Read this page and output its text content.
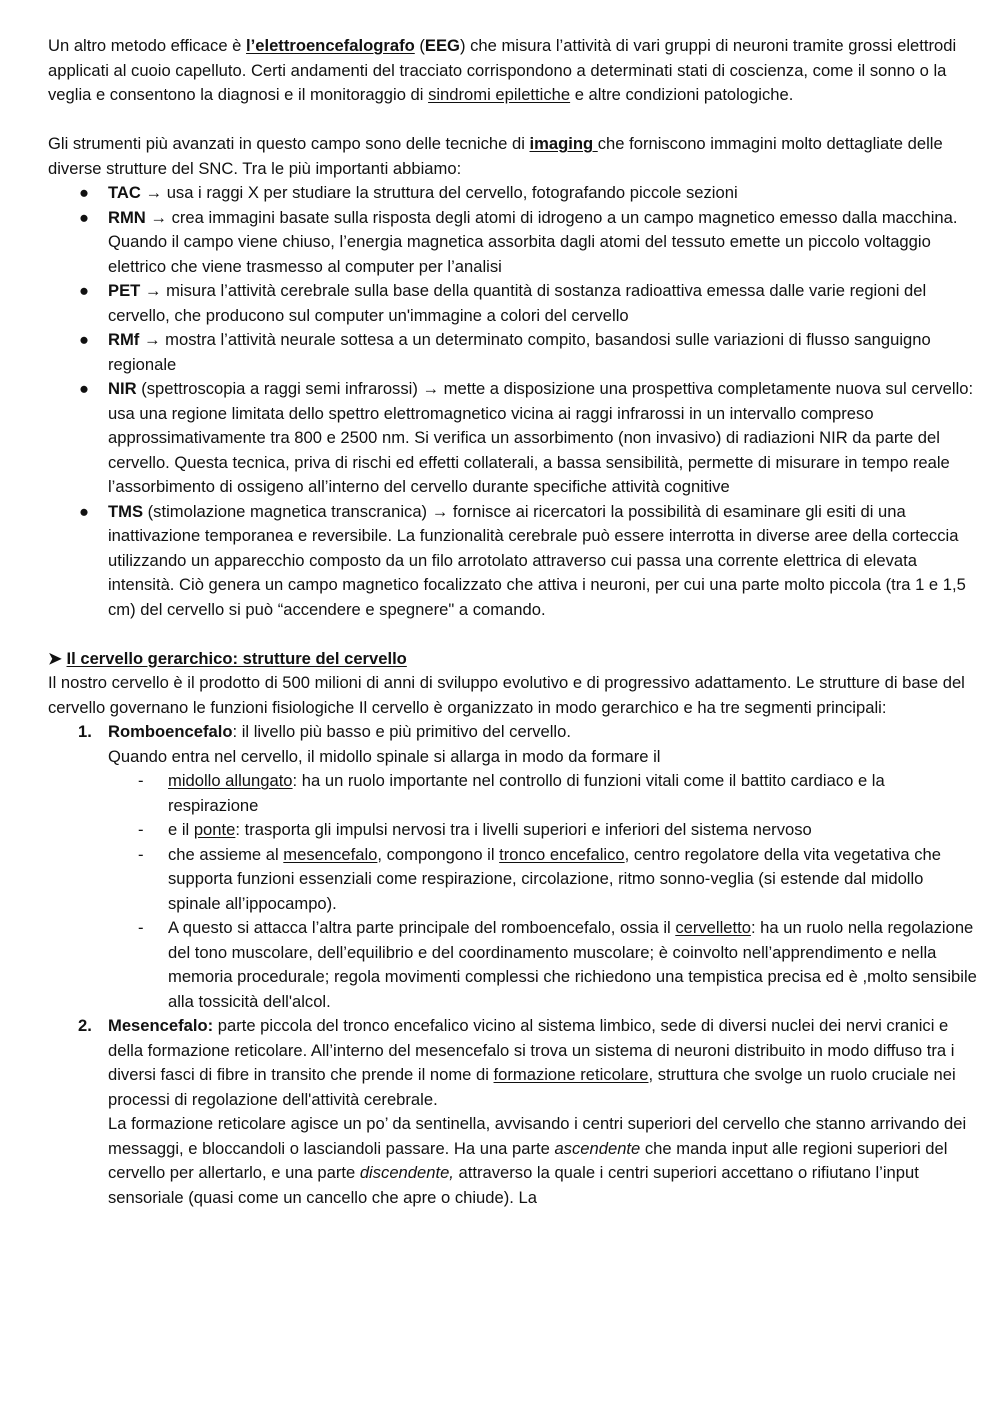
Un altro metodo efficace è l’elettroencefalografo (EEG) che misura l’attività di vari gruppi di neuroni tramite grossi elettrodi applicati al cuoio capelluto. Certi andamenti del tracciato corrispondono a determinati stati di coscienza, come il sonno o la veglia e consentono la diagnosi e il monitoraggio di sindromi epilettiche e altre condizioni patologiche.

Gli strumenti più avanzati in questo campo sono delle tecniche di imaging che forniscono immagini molto dettagliate delle diverse strutture del SNC. Tra le più importanti abbiamo:

● TAC → usa i raggi X per studiare la struttura del cervello, fotografando piccole sezioni
● RMN → crea immagini basate sulla risposta degli atomi di idrogeno a un campo magnetico emesso dalla macchina. Quando il campo viene chiuso, l’energia magnetica assorbita dagli atomi del tessuto emette un piccolo voltaggio elettrico che viene trasmesso al computer per l’analisi
● PET → misura l’attività cerebrale sulla base della quantità di sostanza radioattiva emessa dalle varie regioni del cervello, che producono sul computer un'immagine a colori del cervello
● RMf → mostra l’attività neurale sottesa a un determinato compito, basandosi sulle variazioni di flusso sanguigno regionale
● NIR (spettroscopia a raggi semi infrarossi) → mette a disposizione una prospettiva completamente nuova sul cervello: usa una regione limitata dello spettro elettromagnetico vicina ai raggi infrarossi in un intervallo compreso approssimativamente tra 800 e 2500 nm. Si verifica un assorbimento (non invasivo) di radiazioni NIR da parte del cervello. Questa tecnica, priva di rischi ed effetti collaterali, a bassa sensibilità, permette di misurare in tempo reale l’assorbimento di ossigeno all’interno del cervello durante specifiche attività cognitive
● TMS (stimolazione magnetica transcranica) → fornisce ai ricercatori la possibilità di esaminare gli esiti di una inattivazione temporanea e reversibile. La funzionalità cerebrale può essere interrotta in diverse aree della corteccia utilizzando un apparecchio composto da un filo arrotolato attraverso cui passa una corrente elettrica di elevata intensità. Ciò genera un campo magnetico focalizzato che attiva i neuroni, per cui una parte molto piccola (tra 1 e 1,5 cm) del cervello si può “accendere e spegnere" a comando.

➤ Il cervello gerarchico: strutture del cervello

Il nostro cervello è il prodotto di 500 milioni di anni di sviluppo evolutivo e di progressivo adattamento. Le strutture di base del cervello governano le funzioni fisiologiche Il cervello è organizzato in modo gerarchico e ha tre segmenti principali:

1. Romboencefalo: il livello più basso e più primitivo del cervello.

Quando entra nel cervello, il midollo spinale si allarga in modo da formare il

- midollo allungato: ha un ruolo importante nel controllo di funzioni vitali come il battito cardiaco e la respirazione
- e il ponte: trasporta gli impulsi nervosi tra i livelli superiori e inferiori del sistema nervoso
- che assieme al mesencefalo, compongono il tronco encefalico, centro regolatore della vita vegetativa che supporta funzioni essenziali come respirazione, circolazione, ritmo sonno-veglia (si estende dal midollo spinale all’ippocampo).
- A questo si attacca l’altra parte principale del romboencefalo, ossia il cervelletto: ha un ruolo nella regolazione del tono muscolare, dell’equilibrio e del coordinamento muscolare; è coinvolto nell’apprendimento e nella memoria procedurale; regola movimenti complessi che richiedono una tempistica precisa ed è ,molto sensibile alla tossicità dell'alcol.
2. Mesencefalo: parte piccola del tronco encefalico vicino al sistema limbico, sede di diversi nuclei dei nervi cranici e della formazione reticolare. All’interno del mesencefalo si trova un sistema di neuroni distribuito in modo diffuso tra i diversi fasci di fibre in transito che prende il nome di formazione reticolare, struttura che svolge un ruolo cruciale nei processi di regolazione dell'attività cerebrale.

La formazione reticolare agisce un po’ da sentinella, avvisando i centri superiori del cervello che stanno arrivando dei messaggi, e bloccandoli o lasciandoli passare. Ha una parte ascendente che manda input alle regioni superiori del cervello per allertarlo, e una parte discendente, attraverso la quale i centri superiori accettano o rifiutano l’input sensoriale (quasi come un cancello che apre o chiude). La
